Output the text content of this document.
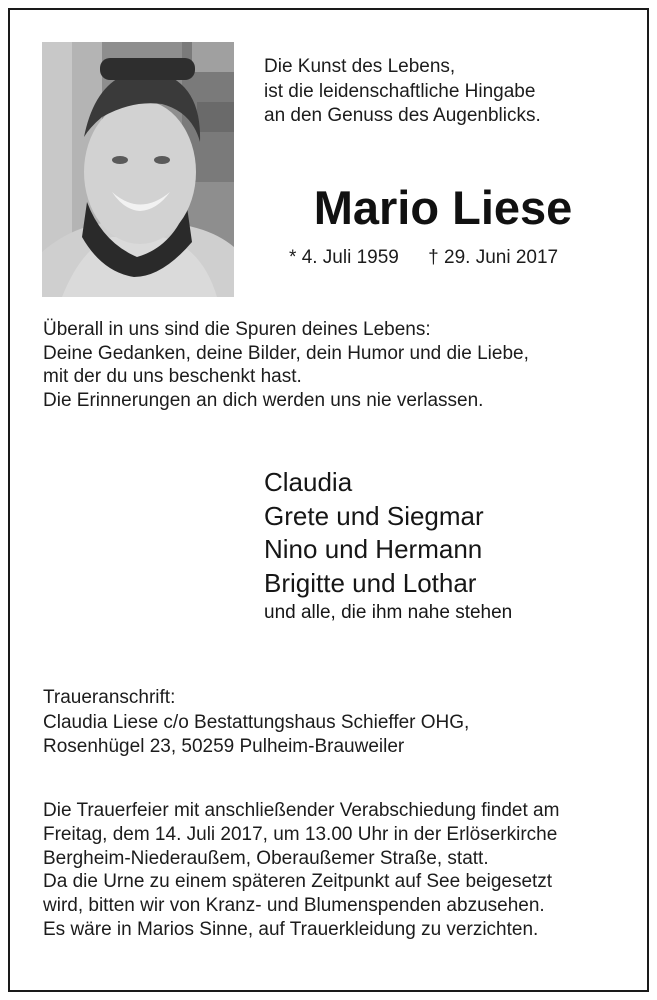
Die Kunst des Lebens,
ist die leidenschaftliche Hingabe
an den Genuss des Augenblicks.
Mario Liese
* 4. Juli 1959 † 29. Juni 2017
Überall in uns sind die Spuren deines Lebens:
Deine Gedanken, deine Bilder, dein Humor und die Liebe,
mit der du uns beschenkt hast.
Die Erinnerungen an dich werden uns nie verlassen.
Claudia
Grete und Siegmar
Nino und Hermann
Brigitte und Lothar
und alle, die ihm nahe stehen
Traueranschrift:
Claudia Liese c/o Bestattungshaus Schieffer OHG,
Rosenhügel 23, 50259 Pulheim-Brauweiler
Die Trauerfeier mit anschließender Verabschiedung findet am
Freitag, dem 14. Juli 2017, um 13.00 Uhr in der Erlöserkirche
Bergheim-Niederaußem, Oberaußemer Straße, statt.
Da die Urne zu einem späteren Zeitpunkt auf See beigesetzt
wird, bitten wir von Kranz- und Blumenspenden abzusehen.
Es wäre in Marios Sinne, auf Trauerkleidung zu verzichten.
